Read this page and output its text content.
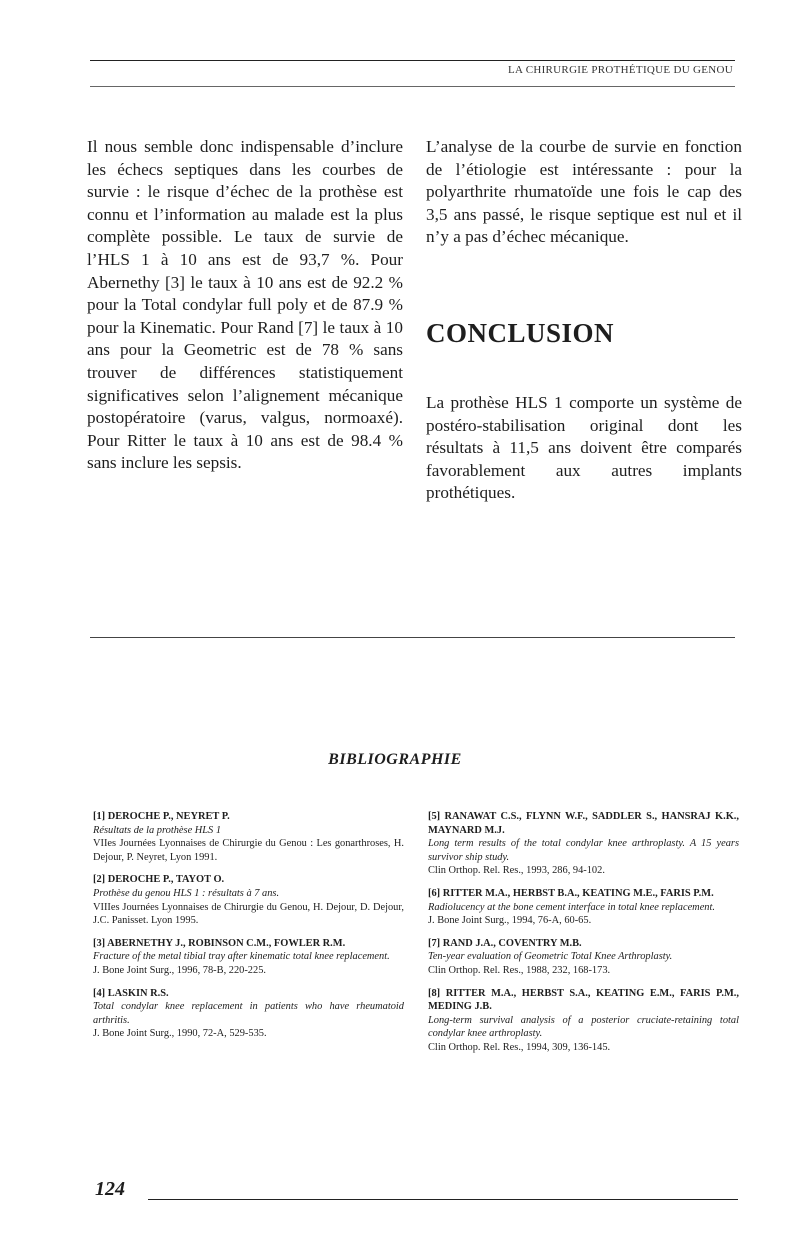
LA CHIRURGIE PROTHÉTIQUE DU GENOU

Il nous semble donc indispensable d’inclure les échecs septiques dans les courbes de survie : le risque d’échec de la prothèse est connu et l’information au malade est la plus complète possible. Le taux de survie de l’HLS 1 à 10 ans est de 93,7 %. Pour Abernethy [3] le taux à 10 ans est de 92.2 % pour la Total condylar full poly et de 87.9 % pour la Kinematic. Pour Rand [7] le taux à 10 ans pour la Geometric est de 78 % sans trouver de différences statistiquement significatives selon l’alignement mécanique postopératoire (varus, valgus, normoaxé). Pour Ritter le taux à 10 ans est de 98.4 % sans inclure les sepsis.

L’analyse de la courbe de survie en fonction de l’étiologie est intéressante : pour la polyarthrite rhumatoïde une fois le cap des 3,5 ans passé, le risque septique est nul et il n’y a pas d’échec mécanique.

CONCLUSION
La prothèse HLS 1 comporte un système de postéro-stabilisation original dont les résultats à 11,5 ans doivent être comparés favorablement aux autres implants prothétiques.
BIBLIOGRAPHIE
[1] DEROCHE P., NEYRET P.
Résultats de la prothèse HLS 1
VIIes Journées Lyonnaises de Chirurgie du Genou : Les gonarthroses, H. Dejour, P. Neyret, Lyon 1991.
[2] DEROCHE P., TAYOT O.
Prothèse du genou HLS 1 : résultats à 7 ans.
VIIIes Journées Lyonnaises de Chirurgie du Genou, H. Dejour, D. Dejour, J.C. Panisset. Lyon 1995.
[3] ABERNETHY J., ROBINSON C.M., FOWLER R.M.
Fracture of the metal tibial tray after kinematic total knee replacement.
J. Bone Joint Surg., 1996, 78-B, 220-225.
[4] LASKIN R.S.
Total condylar knee replacement in patients who have rheumatoid arthritis.
J. Bone Joint Surg., 1990, 72-A, 529-535.
[5] RANAWAT C.S., FLYNN W.F., SADDLER S., HANSRAJ K.K., MAYNARD M.J.
Long term results of the total condylar knee arthroplasty. A 15 years survivor ship study.
Clin Orthop. Rel. Res., 1993, 286, 94-102.
[6] RITTER M.A., HERBST B.A., KEATING M.E., FARIS P.M.
Radiolucency at the bone cement interface in total knee replacement.
J. Bone Joint Surg., 1994, 76-A, 60-65.
[7] RAND J.A., COVENTRY M.B.
Ten-year evaluation of Geometric Total Knee Arthroplasty.
Clin Orthop. Rel. Res., 1988, 232, 168-173.
[8] RITTER M.A., HERBST S.A., KEATING E.M., FARIS P.M., MEDING J.B.
Long-term survival analysis of a posterior cruciate-retaining total condylar knee arthroplasty.
Clin Orthop. Rel. Res., 1994, 309, 136-145.
124
